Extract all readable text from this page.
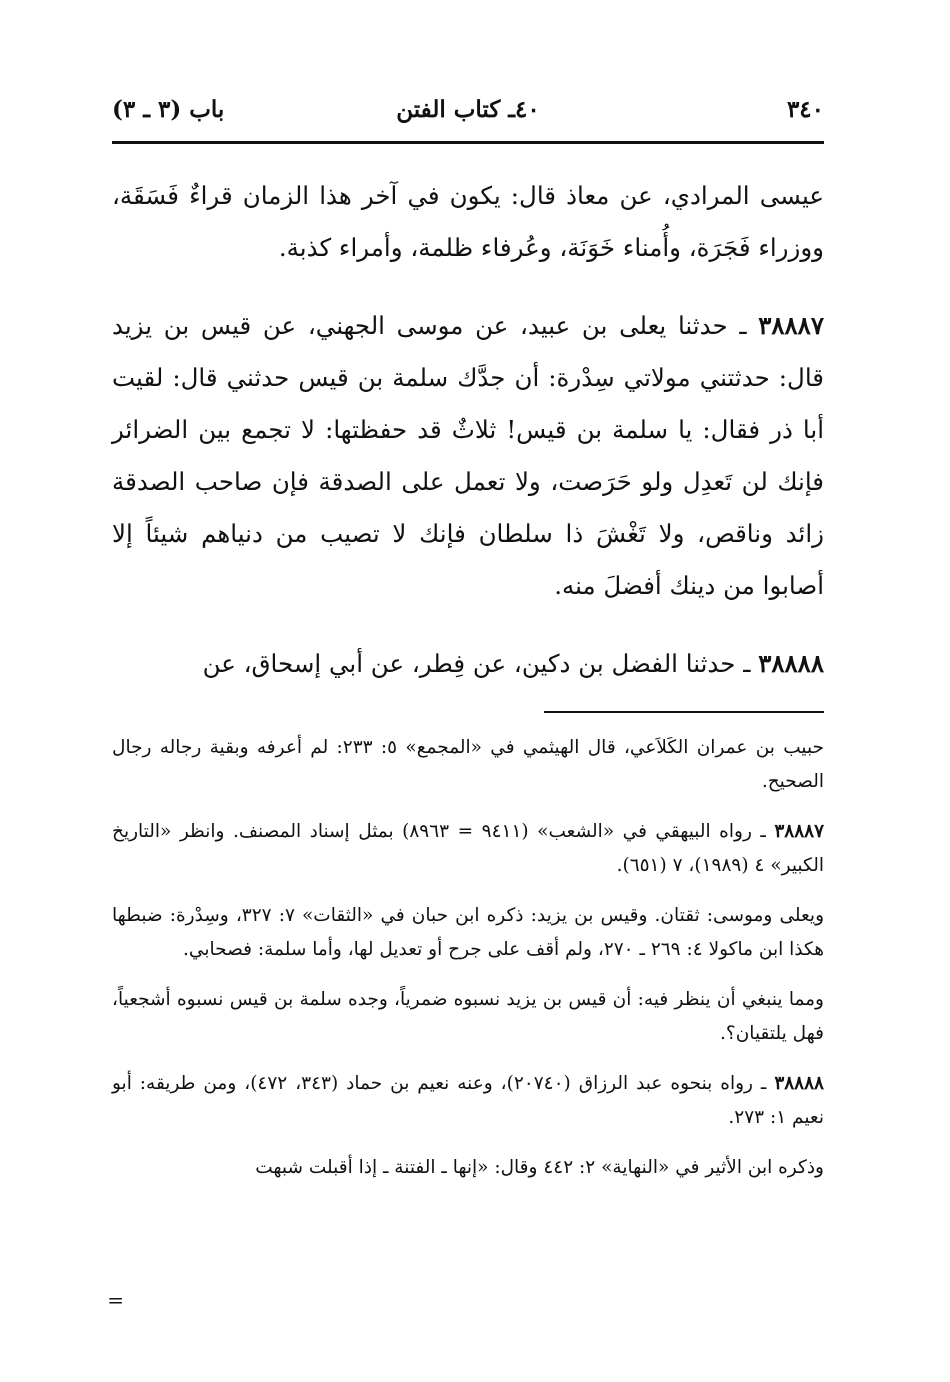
٣٤٠
٤٠ـ كتاب الفتن
باب (٣ ـ ٣)

عيسى المرادي، عن معاذ قال: يكون في آخر هذا الزمان قراءٌ فَسَقَة، ووزراء فَجَرَة، وأُمناء خَوَنَة، وعُرفاء ظلمة، وأمراء كذبة.

٣٨٨٨٧ ـ حدثنا يعلى بن عبيد، عن موسى الجهني، عن قيس بن يزيد قال: حدثتني مولاتي سِدْرة: أن جدَّك سلمة بن قيس حدثني قال: لقيت أبا ذر فقال: يا سلمة بن قيس! ثلاثٌ قد حفظتها: لا تجمع بين الضرائر فإنك لن تَعدِل ولو حَرَصت، ولا تعمل على الصدقة فإن صاحب الصدقة زائد وناقص، ولا تَغْشَ ذا سلطان فإنك لا تصيب من دنياهم شيئاً إلا أصابوا من دينك أفضلَ منه.

٣٨٨٨٨ ـ حدثنا الفضل بن دكين، عن فِطر، عن أبي إسحاق، عن

حبيب بن عمران الكَلاَعي، قال الهيثمي في «المجمع» ٥: ٢٣٣: لم أعرفه وبقية رجاله رجال الصحيح.

٣٨٨٨٧ ـ رواه البيهقي في «الشعب» (٩٤١١ = ٨٩٦٣) بمثل إسناد المصنف. وانظر «التاريخ الكبير» ٤ (١٩٨٩)، ٧ (٦٥١).

ويعلى وموسى: ثقتان. وقيس بن يزيد: ذكره ابن حبان في «الثقات» ٧: ٣٢٧، وسِدْرة: ضبطها هكذا ابن ماكولا ٤: ٢٦٩ ـ ٢٧٠، ولم أقف على جرح أو تعديل لها، وأما سلمة: فصحابي.

ومما ينبغي أن ينظر فيه: أن قيس بن يزيد نسبوه ضمرياً، وجده سلمة بن قيس نسبوه أشجعياً، فهل يلتقيان؟.

٣٨٨٨٨ ـ رواه بنحوه عبد الرزاق (٢٠٧٤٠)، وعنه نعيم بن حماد (٣٤٣، ٤٧٢)، ومن طريقه: أبو نعيم ١: ٢٧٣.

وذكره ابن الأثير في «النهاية» ٢: ٤٤٢ وقال: «إنها ـ الفتنة ـ إذا أقبلت شبهت

=
